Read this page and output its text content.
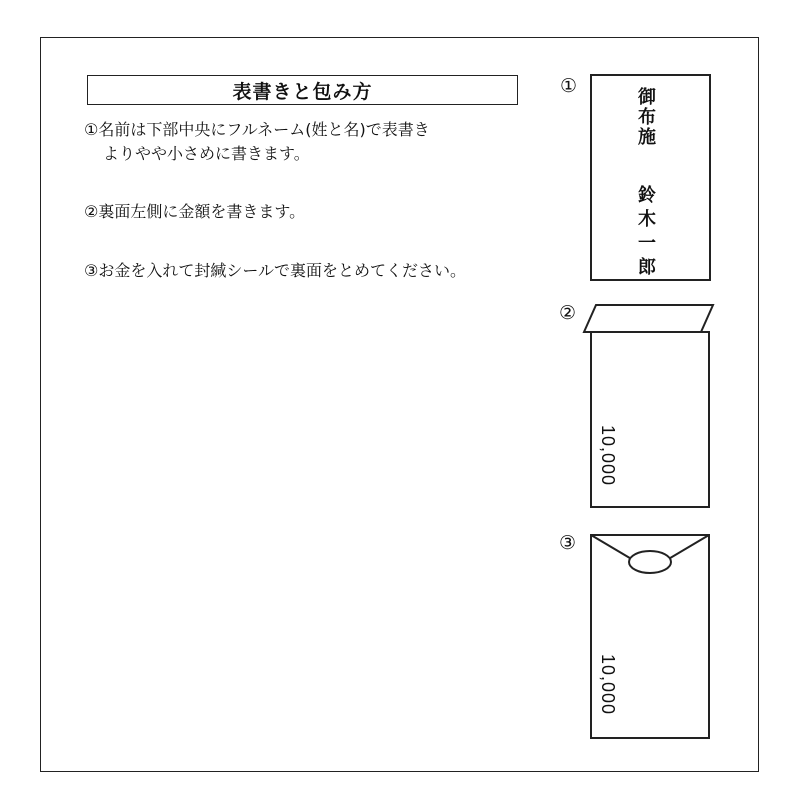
表書きと包み方
①名前は下部中央にフルネーム(姓と名)で表書き
よりやや小さめに書きます。
②裏面左側に金額を書きます。
③お金を入れて封緘シールで裏面をとめてください。
①
御布施
鈴木一郎
②
10,000
③
10,000
